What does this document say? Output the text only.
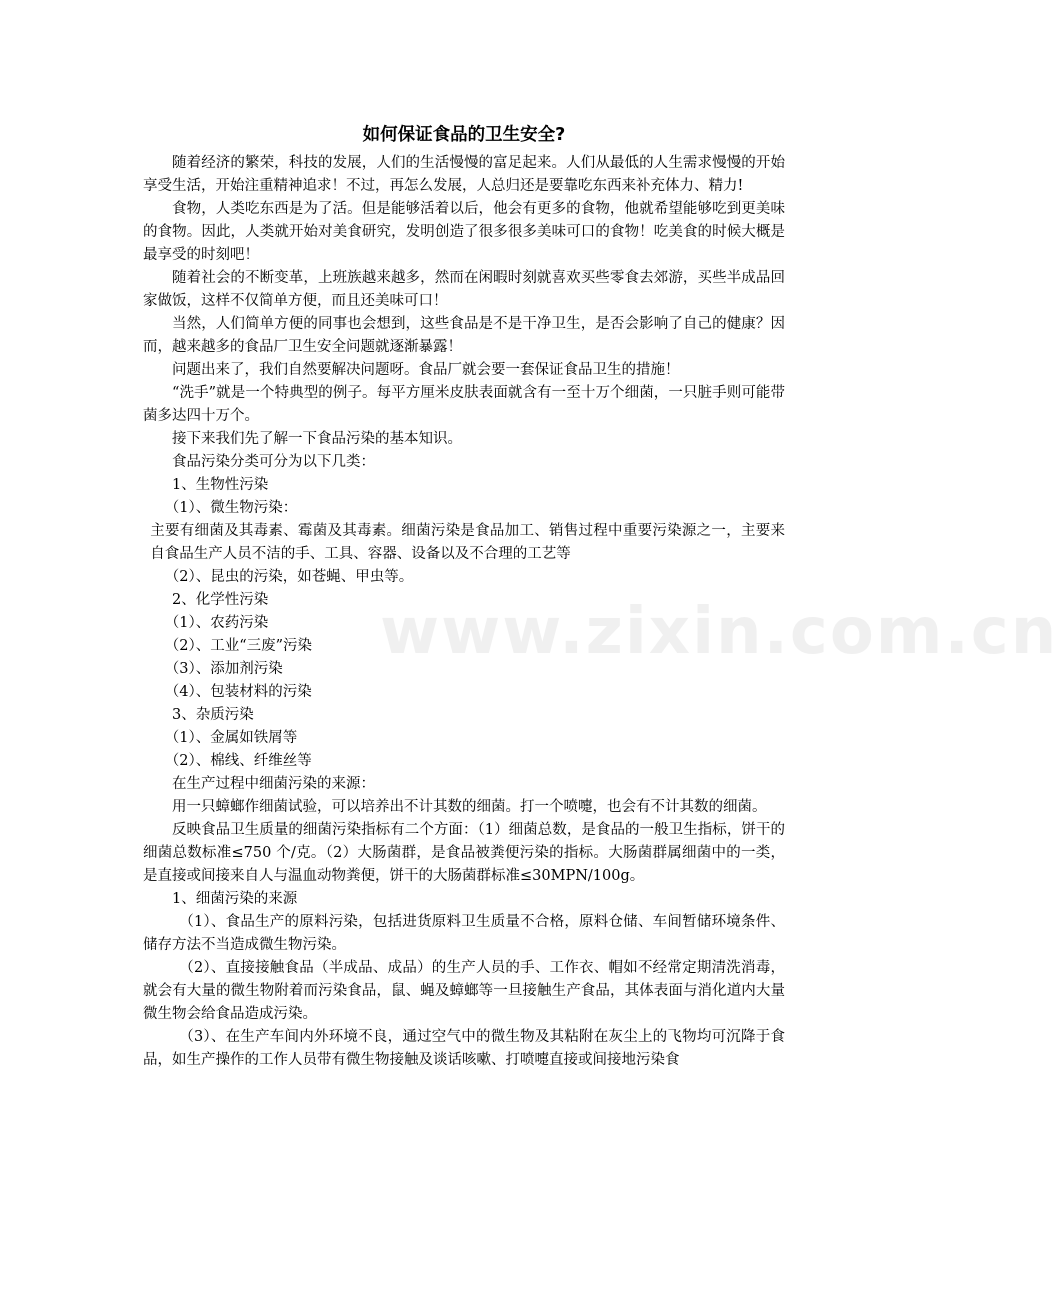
如何保证食品的卫生安全?

随着经济的繁荣，科技的发展，人们的生活慢慢的富足起来。人们从最低的人生需求慢慢的开始享受生活，开始注重精神追求！不过，再怎么发展，人总归还是要靠吃东西来补充体力、精力!

食物，人类吃东西是为了活。但是能够活着以后，他会有更多的食物，他就希望能够吃到更美味的食物。因此，人类就开始对美食研究，发明创造了很多很多美味可口的食物！吃美食的时候大概是最享受的时刻吧！

随着社会的不断变革，上班族越来越多，然而在闲暇时刻就喜欢买些零食去郊游，买些半成品回家做饭，这样不仅简单方便，而且还美味可口！

当然，人们简单方便的同事也会想到，这些食品是不是干净卫生，是否会影响了自己的健康？因而，越来越多的食品厂卫生安全问题就逐渐暴露！

问题出来了，我们自然要解决问题呀。食品厂就会要一套保证食品卫生的措施！

“洗手”就是一个特典型的例子。每平方厘米皮肤表面就含有一至十万个细菌，一只脏手则可能带菌多达四十万个。

接下来我们先了解一下食品污染的基本知识。

食品污染分类可分为以下几类：

1、生物性污染

（1）、微生物污染：

主要有细菌及其毒素、霉菌及其毒素。细菌污染是食品加工、销售过程中重要污染源之一，主要来自食品生产人员不洁的手、工具、容器、设备以及不合理的工艺等

（2）、昆虫的污染，如苍蝇、甲虫等。

2、化学性污染

（1）、农药污染

（2）、工业“三废”污染

（3）、添加剂污染

（4）、包装材料的污染

3、杂质污染

（1）、金属如铁屑等

（2）、棉线、纤维丝等

在生产过程中细菌污染的来源：

用一只蟑螂作细菌试验，可以培养出不计其数的细菌。打一个喷嚏，也会有不计其数的细菌。

反映食品卫生质量的细菌污染指标有二个方面：（1）细菌总数，是食品的一般卫生指标，饼干的细菌总数标准≤750 个/克。（2）大肠菌群，是食品被粪便污染的指标。大肠菌群属细菌中的一类，是直接或间接来自人与温血动物粪便，饼干的大肠菌群标准≤30MPN/100g。

1、细菌污染的来源

（1）、食品生产的原料污染，包括进货原料卫生质量不合格，原料仓储、车间暂储环境条件、储存方法不当造成微生物污染。

（2）、直接接触食品（半成品、成品）的生产人员的手、工作衣、帽如不经常定期清洗消毒，就会有大量的微生物附着而污染食品，鼠、蝇及蟑螂等一旦接触生产食品，其体表面与消化道内大量微生物会给食品造成污染。

（3）、在生产车间内外环境不良，通过空气中的微生物及其粘附在灰尘上的飞物均可沉降于食品，如生产操作的工作人员带有微生物接触及谈话咳嗽、打喷嚏直接或间接地污染食

www.zixin.com.cn
